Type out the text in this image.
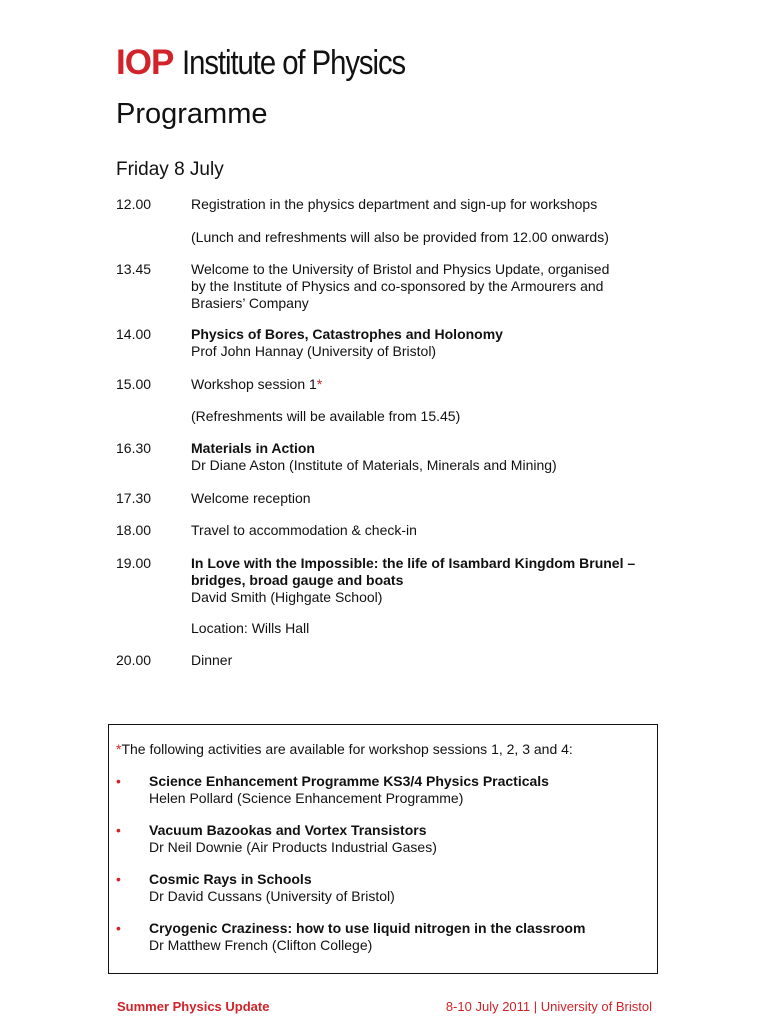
IOP Institute of Physics
Programme
Friday 8 July
12.00	Registration in the physics department and sign-up for workshops
(Lunch and refreshments will also be provided from 12.00 onwards)
13.45	Welcome to the University of Bristol and Physics Update, organised
by the Institute of Physics and co-sponsored by the Armourers and
Brasiers’ Company
14.00	Physics of Bores, Catastrophes and Holonomy
Prof John Hannay (University of Bristol)
15.00	Workshop session 1*
(Refreshments will be available from 15.45)
16.30	Materials in Action
Dr Diane Aston (Institute of Materials, Minerals and Mining)
17.30	Welcome reception
18.00	Travel to accommodation & check-in
19.00	In Love with the Impossible: the life of Isambard Kingdom Brunel –
bridges, broad gauge and boats
David Smith (Highgate School)
Location: Wills Hall
20.00	Dinner
*The following activities are available for workshop sessions 1, 2, 3 and 4:
• Science Enhancement Programme KS3/4 Physics Practicals
Helen Pollard (Science Enhancement Programme)
• Vacuum Bazookas and Vortex Transistors
Dr Neil Downie (Air Products Industrial Gases)
• Cosmic Rays in Schools
Dr David Cussans (University of Bristol)
• Cryogenic Craziness: how to use liquid nitrogen in the classroom
Dr Matthew French (Clifton College)
Summer Physics Update	8-10 July 2011 | University of Bristol
